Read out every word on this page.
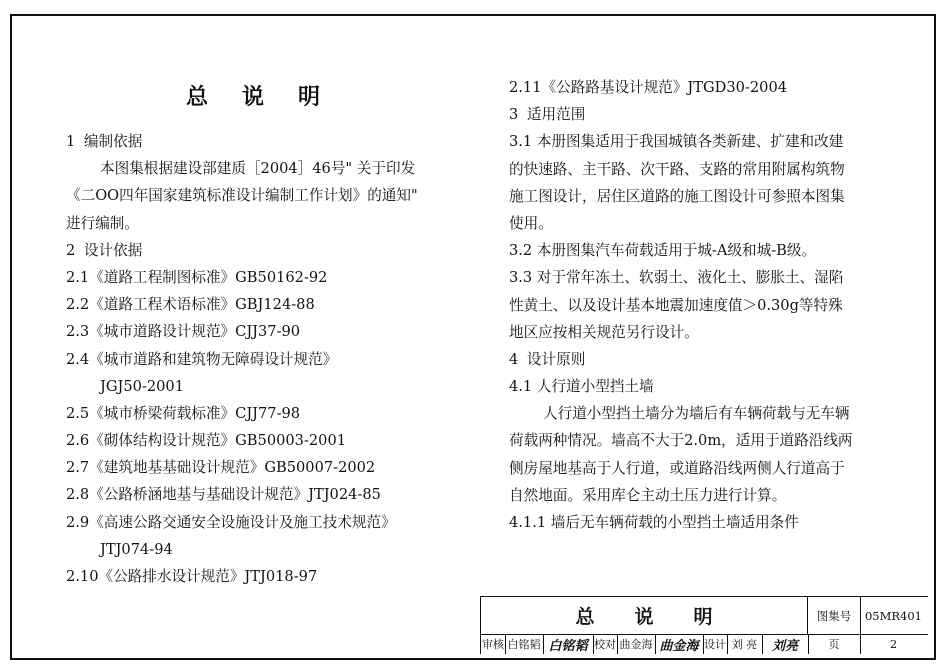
总说明
1 编制依据
本图集根据建设部建质［2004］46号" 关于印发
《二OO四年国家建筑标准设计编制工作计划》的通知"
进行编制。
2 设计依据
2.1《道路工程制图标准》GB50162-92
2.2《道路工程术语标准》GBJ124-88
2.3《城市道路设计规范》CJJ37-90
2.4《城市道路和建筑物无障碍设计规范》
JGJ50-2001
2.5《城市桥梁荷载标准》CJJ77-98
2.6《砌体结构设计规范》GB50003-2001
2.7《建筑地基基础设计规范》GB50007-2002
2.8《公路桥涵地基与基础设计规范》JTJ024-85
2.9《高速公路交通安全设施设计及施工技术规范》
JTJ074-94
2.10《公路排水设计规范》JTJ018-97
2.11《公路路基设计规范》JTGD30-2004
3 适用范围
3.1 本册图集适用于我国城镇各类新建、扩建和改建
的快速路、主干路、次干路、支路的常用附属构筑物
施工图设计，居住区道路的施工图设计可参照本图集
使用。
3.2 本册图集汽车荷载适用于城-A级和城-B级。
3.3 对于常年冻土、软弱土、液化土、膨胀土、湿陷
性黄土、以及设计基本地震加速度值＞0.30g等特殊
地区应按相关规范另行设计。
4 设计原则
4.1 人行道小型挡土墙
人行道小型挡土墙分为墙后有车辆荷载与无车辆
荷载两种情况。墙高不大于2.0m，适用于道路沿线两
侧房屋地基高于人行道，或道路沿线两侧人行道高于
自然地面。采用库仑主动土压力进行计算。
4.1.1 墙后无车辆荷载的小型挡土墙适用条件
总说明	图集号	05MR401
审核 白铭韬 白铭韬 校对 曲金海 曲金海 设计 刘 亮	刘亮	页	2
